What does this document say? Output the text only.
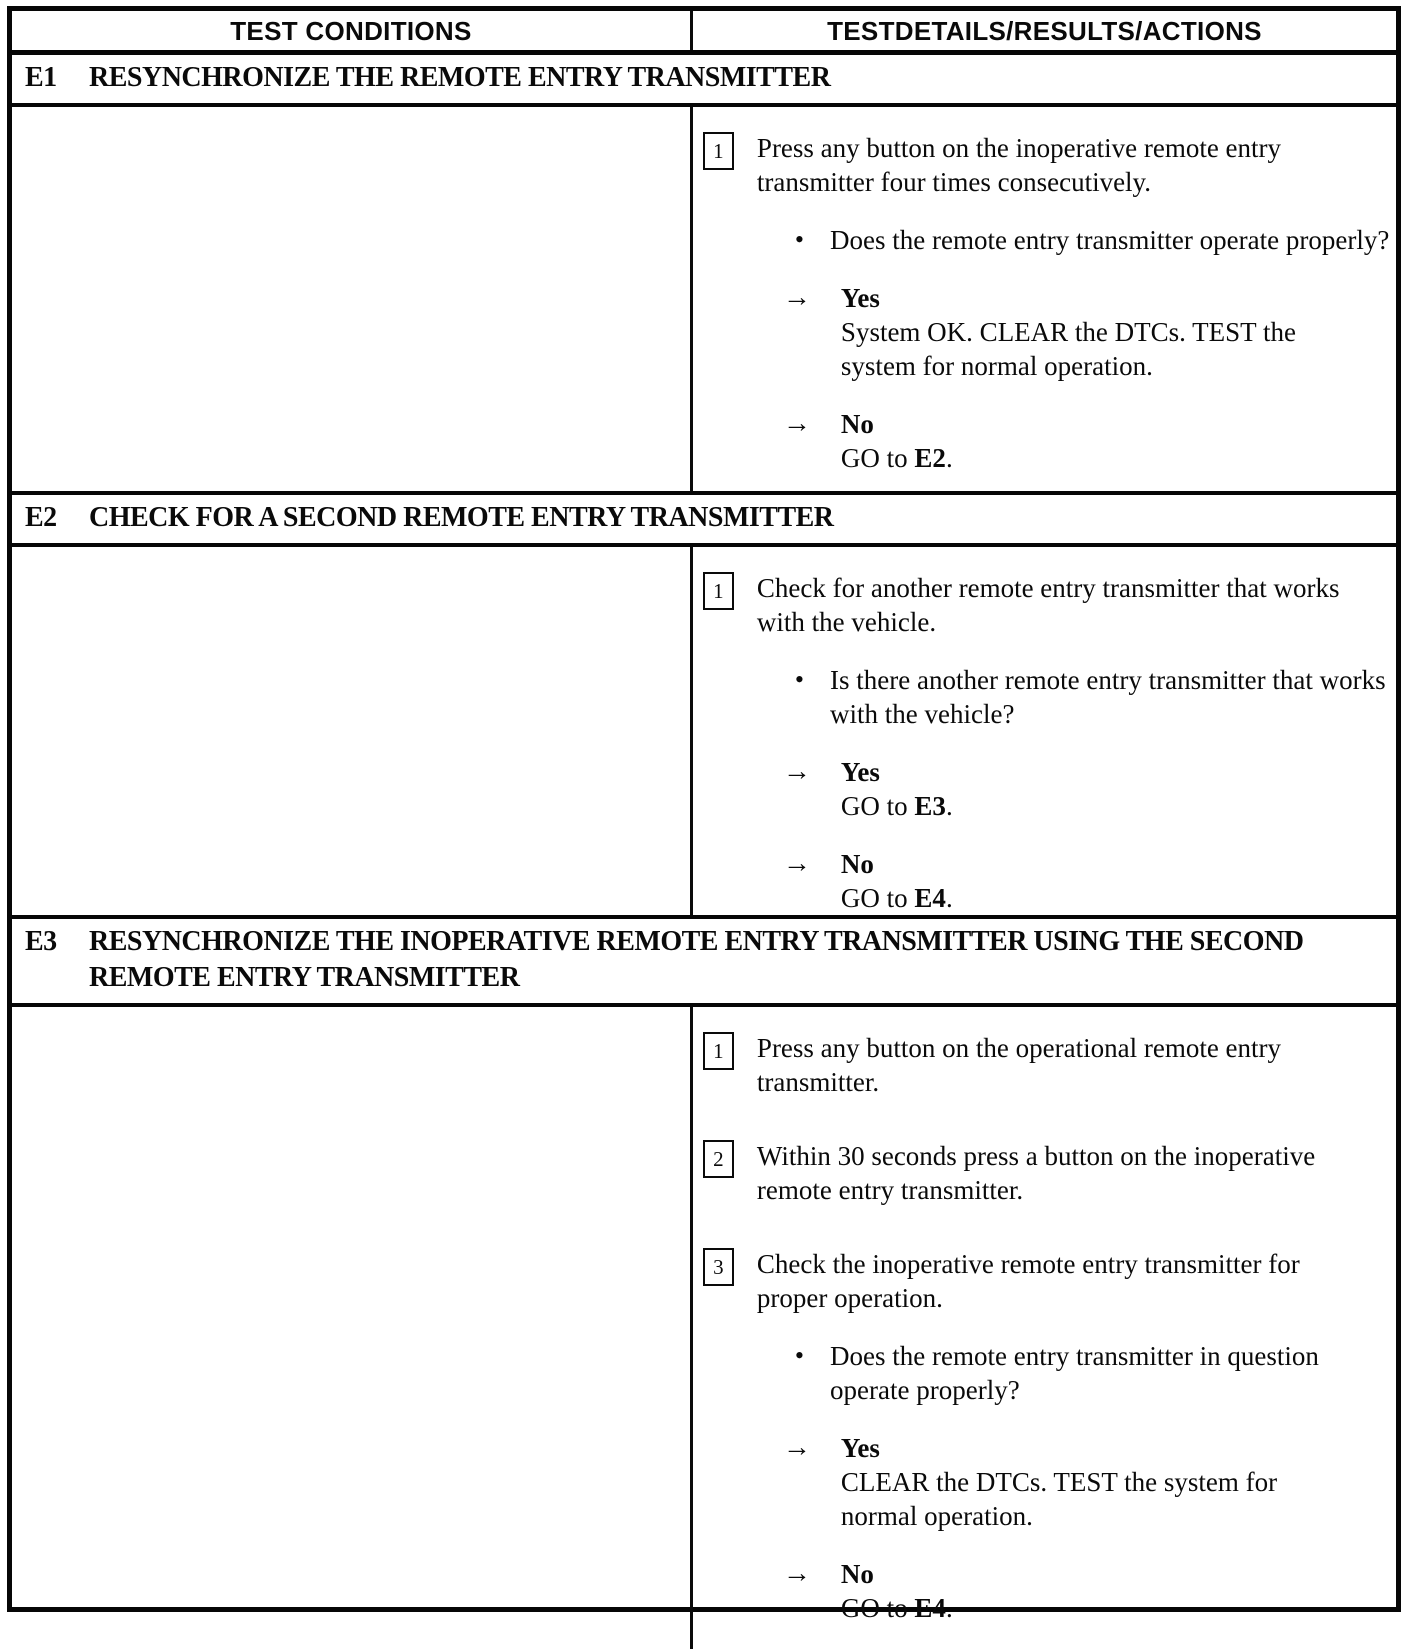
TEST CONDITIONS	TESTDETAILS/RESULTS/ACTIONS
E1	RESYNCHRONIZE THE REMOTE ENTRY TRANSMITTER
1	Press any button on the inoperative remote entry transmitter four times consecutively.

• Does the remote entry transmitter operate properly?

→	Yes

System OK. CLEAR the DTCs. TEST the system for normal operation.

→	No

GO to E2.

E2	CHECK FOR A SECOND REMOTE ENTRY TRANSMITTER
1	Check for another remote entry transmitter that works with the vehicle.

• Is there another remote entry transmitter that works with the vehicle?

→	Yes

GO to E3.

→	No

GO to E4.

E3	RESYNCHRONIZE THE INOPERATIVE REMOTE ENTRY TRANSMITTER USING THE SECOND REMOTE ENTRY TRANSMITTER
1	Press any button on the operational remote entry transmitter.

2	Within 30 seconds press a button on the inoperative remote entry transmitter.

3	Check the inoperative remote entry transmitter for proper operation.

• Does the remote entry transmitter in question operate properly?

→	Yes

CLEAR the DTCs. TEST the system for normal operation.

→	No

GO to E4.
